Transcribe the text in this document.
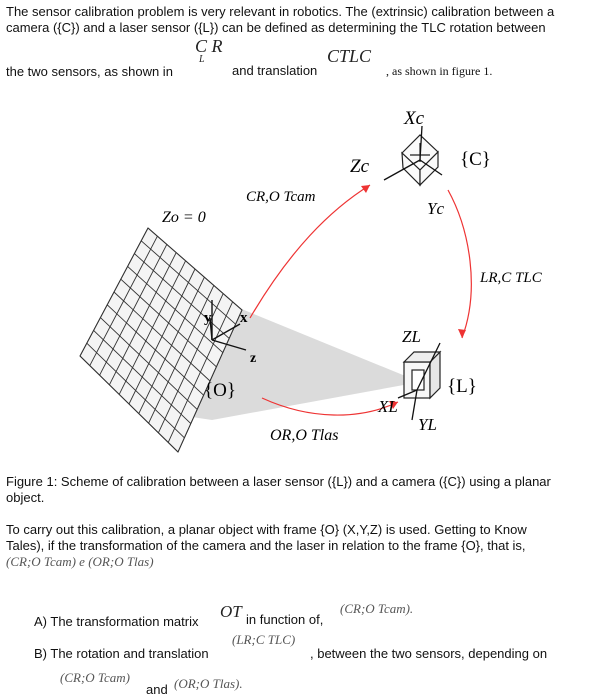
The sensor calibration problem is very relevant in robotics. The (extrinsic) calibration between a
camera ({C}) and a laser sensor ({L}) can be defined as determining the TLC rotation between
C R
L	CTLC
the two sensors, as shown in	and translation	, as shown in figure 1.
Xc
Zc	{C}
Yc
Zo = 0
CR,O Tcam
LR,C TLC
OR,O Tlas
y x
z
{O}
ZL
XL
YL
{L}
Figure 1: Scheme of calibration between a laser sensor ({L}) and a camera ({C}) using a planar
object.
To carry out this calibration, a planar object with frame {O} (X,Y,Z) is used. Getting to Know
Tales), if the transformation of the camera and the laser in relation to the frame {O}, that is,
(CR;O Tcam) e (OR;O Tlas)
A) The transformation matrix
OT in function of,
(CR;O Tcam).
(LR;C TLC)
B) The rotation and translation	, between the two sensors, depending on
(CR;O Tcam)
and (OR;O Tlas).
